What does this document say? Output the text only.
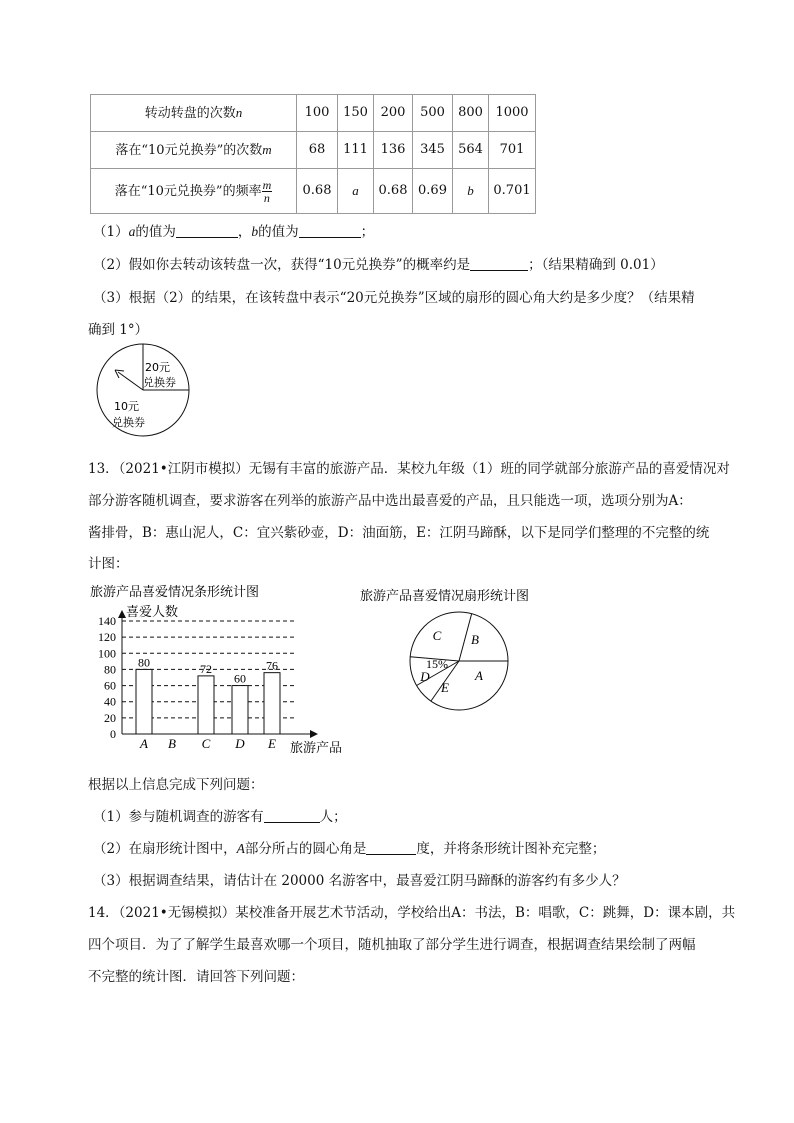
转动转盘的次数n	100	150	200	500	800	1000
落在“10元兑换券”的次数m	68	111	136	345	564	701
落在“10元兑换券”的频率 $\frac{m}{n}$	0.68	a	0.68	0.69	b	0.701

（1）a的值为	，b的值为	；

（2）假如你去转动该转盘一次，获得“10元兑换券”的概率约是	；（结果精确到 0.01）

（3）根据（2）的结果，在该转盘中表示“20元兑换券”区域的扇形的圆心角大约是多少度？（结果精

确到 1°）

20元
兑换券
10元
兑换券

13．（2021•江阴市模拟）无锡有丰富的旅游产品．某校九年级（1）班的同学就部分旅游产品的喜爱情况对

部分游客随机调查，要求游客在列举的旅游产品中选出最喜爱的产品，且只能选一项，选项分别为A：

酱排骨，B：惠山泥人，C：宜兴紫砂壶，D：油面筋，E：江阴马蹄酥，以下是同学们整理的不完整的统

计图：

旅游产品喜爱情况条形统计图
喜爱人数
旅游产品
0
20
40
60
80
100
120
140
80
A B
72
C
60
D
76
E
旅游产品喜爱情况扇形统计图
A
B
C
D
E
15%

根据以上信息完成下列问题：

（1）参与随机调查的游客有	人；

（2）在扇形统计图中，A部分所占的圆心角是	度，并将条形统计图补充完整；

（3）根据调查结果，请估计在 20000 名游客中，最喜爱江阴马蹄酥的游客约有多少人？

14．（2021•无锡模拟）某校准备开展艺术节活动，学校给出A：书法，B：唱歌，C：跳舞，D：课本剧，共

四个项目．为了了解学生最喜欢哪一个项目，随机抽取了部分学生进行调查，根据调查结果绘制了两幅

不完整的统计图．请回答下列问题：
